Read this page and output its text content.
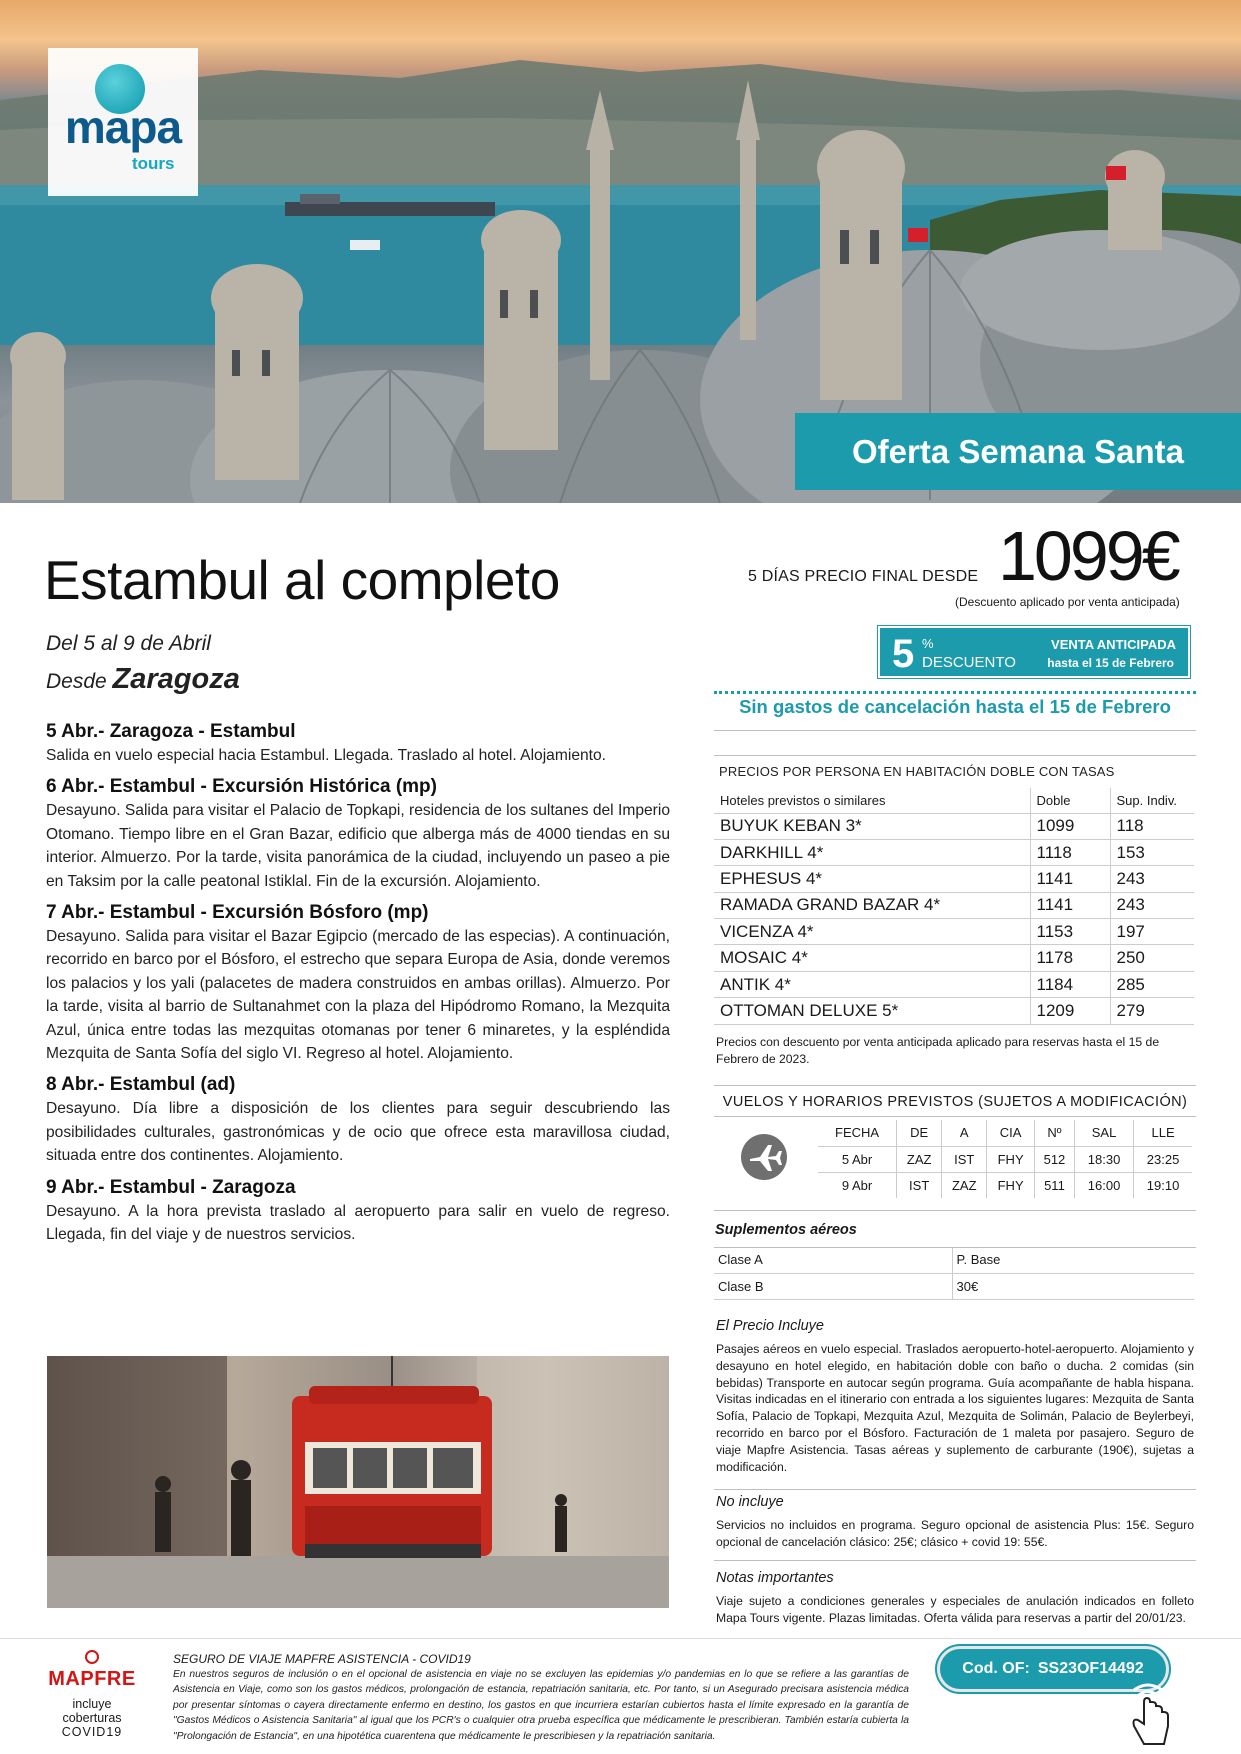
mapa
tours
Oferta Semana Santa
Estambul al completo
Del 5 al 9 de Abril
Desde Zaragoza
5 Abr.- Zaragoza - Estambul
Salida en vuelo especial hacia Estambul. Llegada. Traslado al hotel. Alojamiento.
6 Abr.- Estambul - Excursión Histórica (mp)
Desayuno. Salida para visitar el Palacio de Topkapi, residencia de los sultanes del Imperio Otomano. Tiempo libre en el Gran Bazar, edificio que alberga más de 4000 tiendas en su interior. Almuerzo. Por la tarde, visita panorámica de la ciudad, incluyendo un paseo a pie en Taksim por la calle peatonal Istiklal. Fin de la excursión. Alojamiento.
7 Abr.- Estambul - Excursión Bósforo (mp)
Desayuno. Salida para visitar el Bazar Egipcio (mercado de las especias). A continuación, recorrido en barco por el Bósforo, el estrecho que separa Europa de Asia, donde veremos los palacios y los yali (palacetes de madera construidos en ambas orillas). Almuerzo. Por la tarde, visita al barrio de Sultanahmet con la plaza del Hipódromo Romano, la Mezquita Azul, única entre todas las mezquitas otomanas por tener 6 minaretes, y la espléndida Mezquita de Santa Sofía del siglo VI. Regreso al hotel. Alojamiento.
8 Abr.- Estambul (ad)
Desayuno. Día libre a disposición de los clientes para seguir descubriendo las posibilidades culturales, gastronómicas y de ocio que ofrece esta maravillosa ciudad, situada entre dos continentes. Alojamiento.
9 Abr.- Estambul - Zaragoza
Desayuno. A la hora prevista traslado al aeropuerto para salir en vuelo de regreso. Llegada, fin del viaje y de nuestros servicios.
5 DÍAS PRECIO FINAL DESDE 1099€
(Descuento aplicado por venta anticipada)
5 %
DESCUENTO
VENTA ANTICIPADA
hasta el 15 de Febrero
Sin gastos de cancelación hasta el 15 de Febrero
PRECIOS POR PERSONA EN HABITACIÓN DOBLE CON TASAS
Hoteles previstos o similares	Doble	Sup. Indiv.
BUYUK KEBAN 3*	1099	118
DARKHILL 4*	1118	153
EPHESUS 4*	1141	243
RAMADA GRAND BAZAR 4*	1141	243
VICENZA 4*	1153	197
MOSAIC 4*	1178	250
ANTIK 4*	1184	285
OTTOMAN DELUXE 5*	1209	279
Precios con descuento por venta anticipada aplicado para reservas hasta el 15 de Febrero de 2023.
VUELOS Y HORARIOS PREVISTOS (SUJETOS A MODIFICACIÓN)
FECHA	DE	A	CIA	Nº	SAL	LLE
5 Abr	ZAZ	IST	FHY	512	18:30	23:25
9 Abr	IST	ZAZ	FHY	511	16:00	19:10
Suplementos aéreos
Clase A	P. Base
Clase B	30€
El Precio Incluye
Pasajes aéreos en vuelo especial. Traslados aeropuerto-hotel-aeropuerto. Alojamiento y desayuno en hotel elegido, en habitación doble con baño o ducha. 2 comidas (sin bebidas) Transporte en autocar según programa. Guía acompañante de habla hispana. Visitas indicadas en el itinerario con entrada a los siguientes lugares: Mezquita de Santa Sofía, Palacio de Topkapi, Mezquita Azul, Mezquita de Solimán, Palacio de Beylerbeyi, recorrido en barco por el Bósforo. Facturación de 1 maleta por pasajero. Seguro de viaje Mapfre Asistencia. Tasas aéreas y suplemento de carburante (190€), sujetas a modificación.
No incluye
Servicios no incluidos en programa. Seguro opcional de asistencia Plus: 15€. Seguro opcional de cancelación clásico: 25€; clásico + covid 19: 55€.
Notas importantes
Viaje sujeto a condiciones generales y especiales de anulación indicados en folleto Mapa Tours vigente. Plazas limitadas. Oferta válida para reservas a partir del 20/01/23.
MAPFRE
incluye coberturas
COVID19
SEGURO DE VIAJE MAPFRE ASISTENCIA - COVID19
En nuestros seguros de inclusión o en el opcional de asistencia en viaje no se excluyen las epidemias y/o pandemias en lo que se refiere a las garantías de Asistencia en Viaje, como son los gastos médicos, prolongación de estancia, repatriación sanitaria, etc. Por tanto, si un Asegurado precisara asistencia médica por presentar síntomas o cayera directamente enfermo en destino, los gastos en que incurriera estarían cubiertos hasta el límite expresado en la garantía de "Gastos Médicos o Asistencia Sanitaria" al igual que los PCR's o cualquier otra prueba específica que médicamente le prescribieran. También estaría cubierta la "Prolongación de Estancia", en una hipotética cuarentena que médicamente le prescribiesen y la repatriación sanitaria.
Cod. OF: SS23OF14492
